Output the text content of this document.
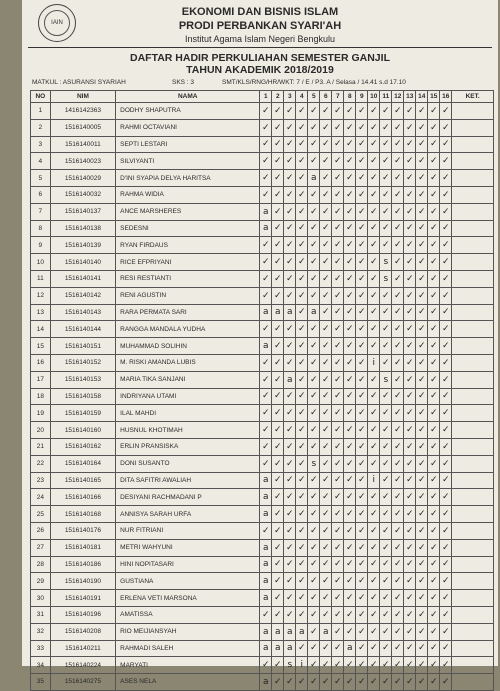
IAIN
EKONOMI DAN BISNIS ISLAM
PRODI PERBANKAN SYARI'AH
Institut Agama Islam Negeri Bengkulu
DAFTAR HADIR PERKULIAHAN SEMESTER GANJIL
TAHUN AKADEMIK 2018/2019
MATKUL : ASURANSI SYARIAH	SKS : 3	SMT/KLS/RNG/HR/WKT: 7 / E / P3. A / Selasa / 14.41 s.d 17.10
NO	NIM	NAMA	1	2	3	4	5	6	7	8	9	10	11	12	13	14	15	16	KET.
1	1416142363	DODHY SHAPUTRA	✓	✓	✓	✓	✓	✓	✓	✓	✓	✓	✓	✓	✓	✓	✓	✓	
2	1516140005	RAHMI OCTAVIANI	✓	✓	✓	✓	✓	✓	✓	✓	✓	✓	✓	✓	✓	✓	✓	✓	
3	1516140011	SEPTI LESTARI	✓	✓	✓	✓	✓	✓	✓	✓	✓	✓	✓	✓	✓	✓	✓	✓	
4	1516140023	SILVIYANTI	✓	✓	✓	✓	✓	✓	✓	✓	✓	✓	✓	✓	✓	✓	✓	✓	
5	1516140029	D'INI SYAPIA DELYA HARITSA	✓	✓	✓	✓	a	✓	✓	✓	✓	✓	✓	✓	✓	✓	✓	✓	
6	1516140032	RAHMA WIDIA	✓	✓	✓	✓	✓	✓	✓	✓	✓	✓	✓	✓	✓	✓	✓	✓	
7	1516140137	ANCE MARSHERES	a	✓	✓	✓	✓	✓	✓	✓	✓	✓	✓	✓	✓	✓	✓	✓	
8	1516140138	SEDESNI	a	✓	✓	✓	✓	✓	✓	✓	✓	✓	✓	✓	✓	✓	✓	✓	
9	1516140139	RYAN FIRDAUS	✓	✓	✓	✓	✓	✓	✓	✓	✓	✓	✓	✓	✓	✓	✓	✓	
10	1516140140	RICE EFPRIYANI	✓	✓	✓	✓	✓	✓	✓	✓	✓	✓	s	✓	✓	✓	✓	✓	
11	1516140141	RESI RESTIANTI	✓	✓	✓	✓	✓	✓	✓	✓	✓	✓	s	✓	✓	✓	✓	✓	
12	1516140142	RENI AGUSTIN	✓	✓	✓	✓	✓	✓	✓	✓	✓	✓	✓	✓	✓	✓	✓	✓	
13	1516140143	RARA PERMATA SARI	a	a	a	✓	a	✓	✓	✓	✓	✓	✓	✓	✓	✓	✓	✓	
14	1516140144	RANGGA MANDALA YUDHA	✓	✓	✓	✓	✓	✓	✓	✓	✓	✓	✓	✓	✓	✓	✓	✓	
15	1516140151	MUHAMMAD SOLIHIN	a	✓	✓	✓	✓	✓	✓	✓	✓	✓	✓	✓	✓	✓	✓	✓	
16	1516140152	M. RISKI AMANDA LUBIS	✓	✓	✓	✓	✓	✓	✓	✓	✓	i	✓	✓	✓	✓	✓	✓	
17	1516140153	MARIA TIKA SANJANI	✓	✓	a	✓	✓	✓	✓	✓	✓	✓	s	✓	✓	✓	✓	✓	
18	1516140158	INDRIYANA UTAMI	✓	✓	✓	✓	✓	✓	✓	✓	✓	✓	✓	✓	✓	✓	✓	✓	
19	1516140159	ILAL MAHDI	✓	✓	✓	✓	✓	✓	✓	✓	✓	✓	✓	✓	✓	✓	✓	✓	
20	1516140160	HUSNUL KHOTIMAH	✓	✓	✓	✓	✓	✓	✓	✓	✓	✓	✓	✓	✓	✓	✓	✓	
21	1516140162	ERLIN PRANSISKA	✓	✓	✓	✓	✓	✓	✓	✓	✓	✓	✓	✓	✓	✓	✓	✓	
22	1516140164	DONI SUSANTO	✓	✓	✓	✓	s	✓	✓	✓	✓	✓	✓	✓	✓	✓	✓	✓	
23	1516140165	DITA SAFITRI AWALIAH	a	✓	✓	✓	✓	✓	✓	✓	✓	i	✓	✓	✓	✓	✓	✓	
24	1516140166	DESIYANI RACHMADANI P	a	✓	✓	✓	✓	✓	✓	✓	✓	✓	✓	✓	✓	✓	✓	✓	
25	1516140168	ANNISYA SARAH URFA	a	✓	✓	✓	✓	✓	✓	✓	✓	✓	✓	✓	✓	✓	✓	✓	
26	1516140176	NUR FITRIANI	✓	✓	✓	✓	✓	✓	✓	✓	✓	✓	✓	✓	✓	✓	✓	✓	
27	1516140181	METRI WAHYUNI	a	✓	✓	✓	✓	✓	✓	✓	✓	✓	✓	✓	✓	✓	✓	✓	
28	1516140186	HINI NOPITASARI	a	✓	✓	✓	✓	✓	✓	✓	✓	✓	✓	✓	✓	✓	✓	✓	
29	1516140190	GUSTIANA	a	✓	✓	✓	✓	✓	✓	✓	✓	✓	✓	✓	✓	✓	✓	✓	
30	1516140191	ERLENA VETI MARSONA	a	✓	✓	✓	✓	✓	✓	✓	✓	✓	✓	✓	✓	✓	✓	✓	
31	1516140196	AMATISSA	✓	✓	✓	✓	✓	✓	✓	✓	✓	✓	✓	✓	✓	✓	✓	✓	
32	1516140208	RIO MEIJIANSYAH	a	a	a	a	✓	a	✓	✓	✓	✓	✓	✓	✓	✓	✓	✓	
33	1516140211	RAHMADI SALEH	a	a	a	✓	✓	✓	✓	a	✓	✓	✓	✓	✓	✓	✓	✓	
34	1516140224	MARYATI	✓	✓	s	i	✓	✓	✓	✓	✓	✓	✓	✓	✓	✓	✓	✓	
35	1516140275	ASES NELA	a	✓	✓	✓	✓	✓	✓	✓	✓	✓	✓	✓	✓	✓	✓	✓	
